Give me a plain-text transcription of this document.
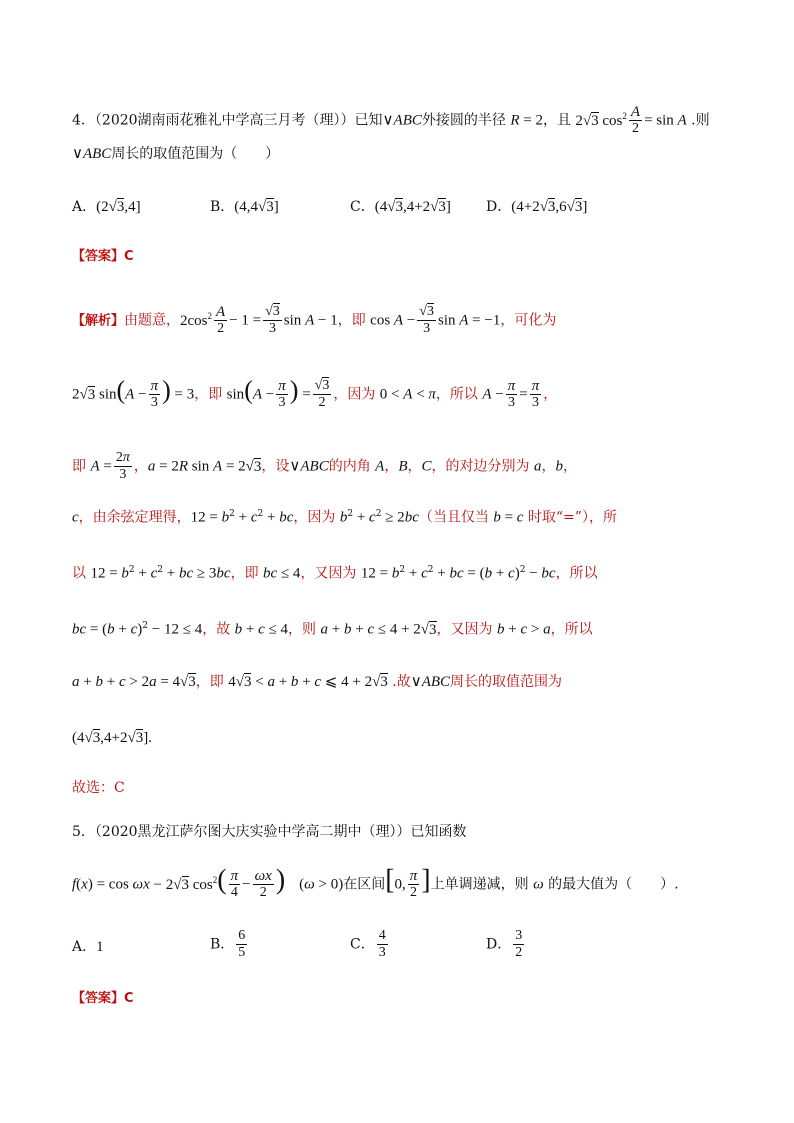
4．（2020湖南雨花雅礼中学高三月考（理））已知∨ABC外接圆的半径 R = 2，且 2√3 $\cos^2 \frac{A}{2} = \sin A$ .则
∨ABC周长的取值范围为（　　）
A．(2√3,4]	B．(4,4√3]	C．(4√3,4+2√3]	D．(4+2√3,6√3]
【答案】C
【解析】由题意，$2\cos^2 \frac{A}{2} - 1 = \frac{√3}{3}$ sin A − 1，即 $\cos A - \frac{√3}{3}$ sin A = −1，可化为
2√3 $\sin(A - \frac{\pi}{3}$ ) = 3，即 $\sin(A - \frac{\pi}{3}$ ) = $\frac{√3}{2}$ ，因为 0 < A < π，所以 $A - \frac{\pi}{3} = \frac{\pi}{3}$ ，
即 $A = \frac{2\pi}{3}$ ，a = 2R sin A = 2√3，设∨ABC的内角 A，B，C，的对边分别为 a，b，
c，由余弦定理得，$12 = b^2 + c^2$ + bc，因为 $b^2 + c^2 \ge 2bc$（当且仅当 b = c 时取“=”），所
以 $12 = b^2 + c^2$ + bc ≥ 3bc，即 bc ≤ 4，又因为 $12 = b^2 + c^2$ + bc = $(b + c)^2$ − bc，所以
bc = $(b + c)^2 - 12 \le 4$，故 b + c ≤ 4，则 a + b + c ≤ 4 + 2√3，又因为 b + c > a，所以
a + b + c > 2a = 4√3，即 4√3 < a + b + c ⩽ 4 + 2√3 .故∨ABC周长的取值范围为
(4√3,4+2√3].
故选：C
5．（2020黑龙江萨尔图大庆实验中学高二期中（理））已知函数
f(x) = cos ωx − 2√3 $\cos^2( \frac{\pi}{4} - \frac{\omega x}{2}$ )　 (ω > 0)在区间[0, $\frac{\pi}{2}$ ]上单调递减，则 ω 的最大值为（　　）.
A．1	B． $\frac{6}{5}$	C． $\frac{4}{3}$	D． $\frac{3}{2}$
【答案】C
